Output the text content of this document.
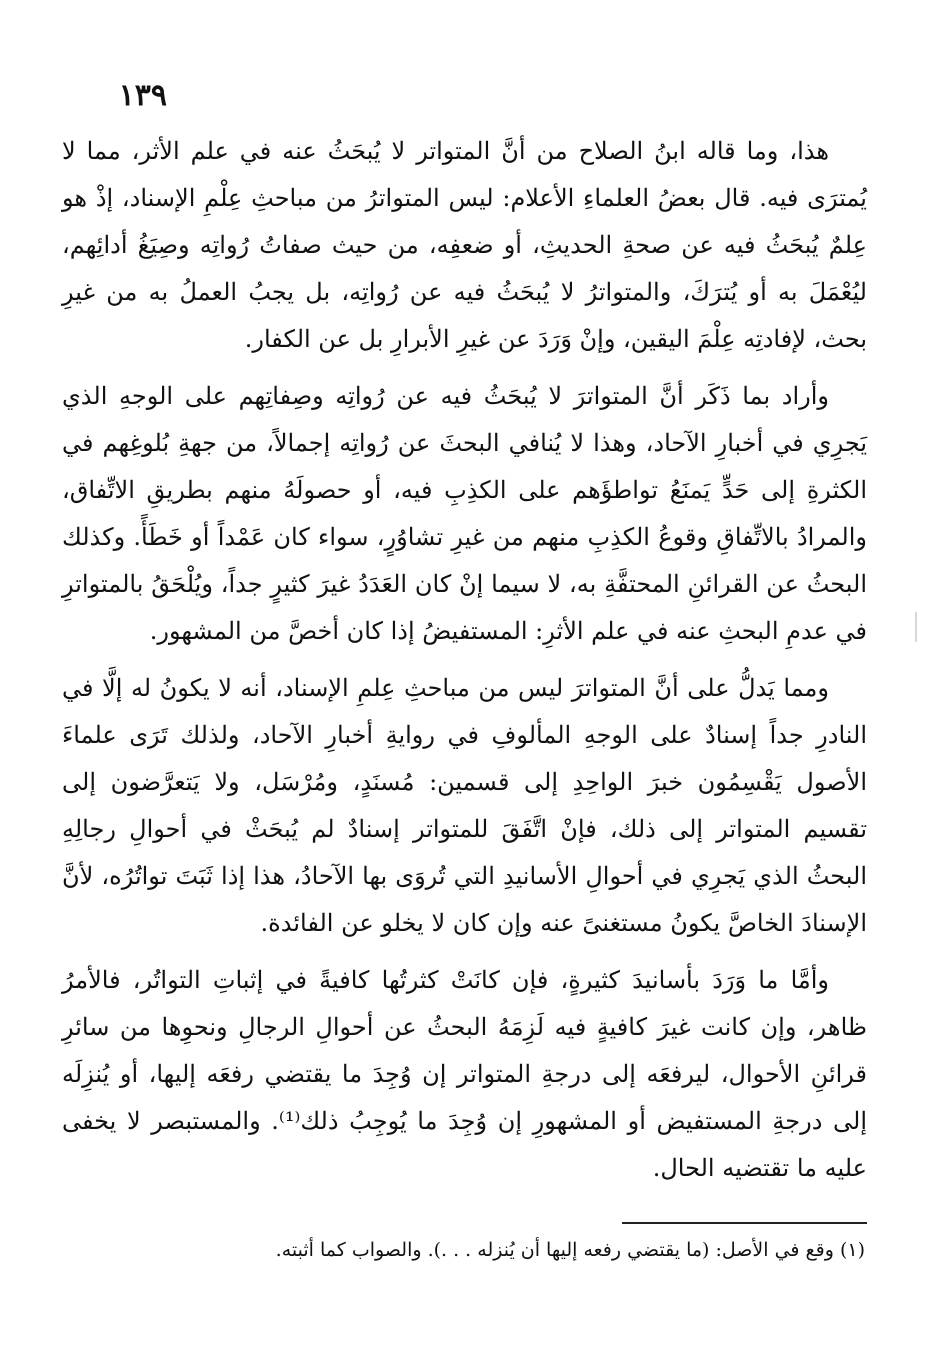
١٣٩

هذا، وما قاله ابنُ الصلاح من أنَّ المتواتر لا يُبحَثُ عنه في علم الأثر، مما لا يُمترَى فيه. قال بعضُ العلماءِ الأعلام: ليس المتواترُ من مباحثِ عِلْمِ الإسناد، إذْ هو عِلمٌ يُبحَثُ فيه عن صحةِ الحديثِ، أو ضعفِه، من حيث صفاتُ رُواتِه وصِيَغُ أدائِهم، ليُعْمَلَ به أو يُترَكَ، والمتواترُ لا يُبحَثُ فيه عن رُواتِه، بل يجبُ العملُ به من غيرِ بحث، لإفادتِه عِلْمَ اليقين، وإنْ وَرَدَ عن غيرِ الأبرارِ بل عن الكفار.

وأراد بما ذَكَر أنَّ المتواترَ لا يُبحَثُ فيه عن رُواتِه وصِفاتِهم على الوجهِ الذي يَجرِي في أخبارِ الآحاد، وهذا لا يُنافي البحثَ عن رُواتِه إجمالاً، من جهةِ بُلوغِهم في الكثرةِ إلى حَدٍّ يَمنَعُ تواطؤَهم على الكذِبِ فيه، أو حصولَهُ منهم بطريقِ الاتِّفاق، والمرادُ بالاتِّفاقِ وقوعُ الكذِبِ منهم من غيرِ تشاوُرٍ، سواء كان عَمْداً أو خَطَأً. وكذلك البحثُ عن القرائنِ المحتفَّةِ به، لا سيما إنْ كان العَدَدُ غيرَ كثيرٍ جداً، ويُلْحَقُ بالمتواترِ في عدمِ البحثِ عنه في علم الأثرِ: المستفيضُ إذا كان أخصَّ من المشهور.

ومما يَدلُّ على أنَّ المتواترَ ليس من مباحثِ عِلمِ الإسناد، أنه لا يكونُ له إلَّا في النادرِ جداً إسنادٌ على الوجهِ المألوفِ في روايةِ أخبارِ الآحاد، ولذلك تَرَى علماءَ الأصول يَقْسِمُون خبرَ الواحِدِ إلى قسمين: مُسنَدٍ، ومُرْسَل، ولا يَتعرَّضون إلى تقسيم المتواتر إلى ذلك، فإنْ اتَّفَقَ للمتواتر إسنادٌ لم يُبحَثْ في أحوالِ رجالِهِ البحثُ الذي يَجرِي في أحوالِ الأسانيدِ التي تُروَى بها الآحادُ، هذا إذا ثَبَتَ تواتُرُه، لأنَّ الإسنادَ الخاصَّ يكونُ مستغنىً عنه وإن كان لا يخلو عن الفائدة.

وأمَّا ما وَرَدَ بأسانيدَ كثيرةٍ، فإن كانَتْ كثرتُها كافيةً في إثباتِ التواتُر، فالأمرُ ظاهر، وإن كانت غيرَ كافيةٍ فيه لَزِمَهُ البحثُ عن أحوالِ الرجالِ ونحوِها من سائرِ قرائنِ الأحوال، ليرفعَه إلى درجةِ المتواتر إن وُجِدَ ما يقتضي رفعَه إليها، أو يُنزِلَه إلى درجةِ المستفيض أو المشهورِ إن وُجِدَ ما يُوجِبُ ذلك⁽¹⁾. والمستبصر لا يخفى عليه ما تقتضيه الحال.

(١) وقع في الأصل: (ما يقتضي رفعه إليها أن يُنزله . . .). والصواب كما أثبته.
